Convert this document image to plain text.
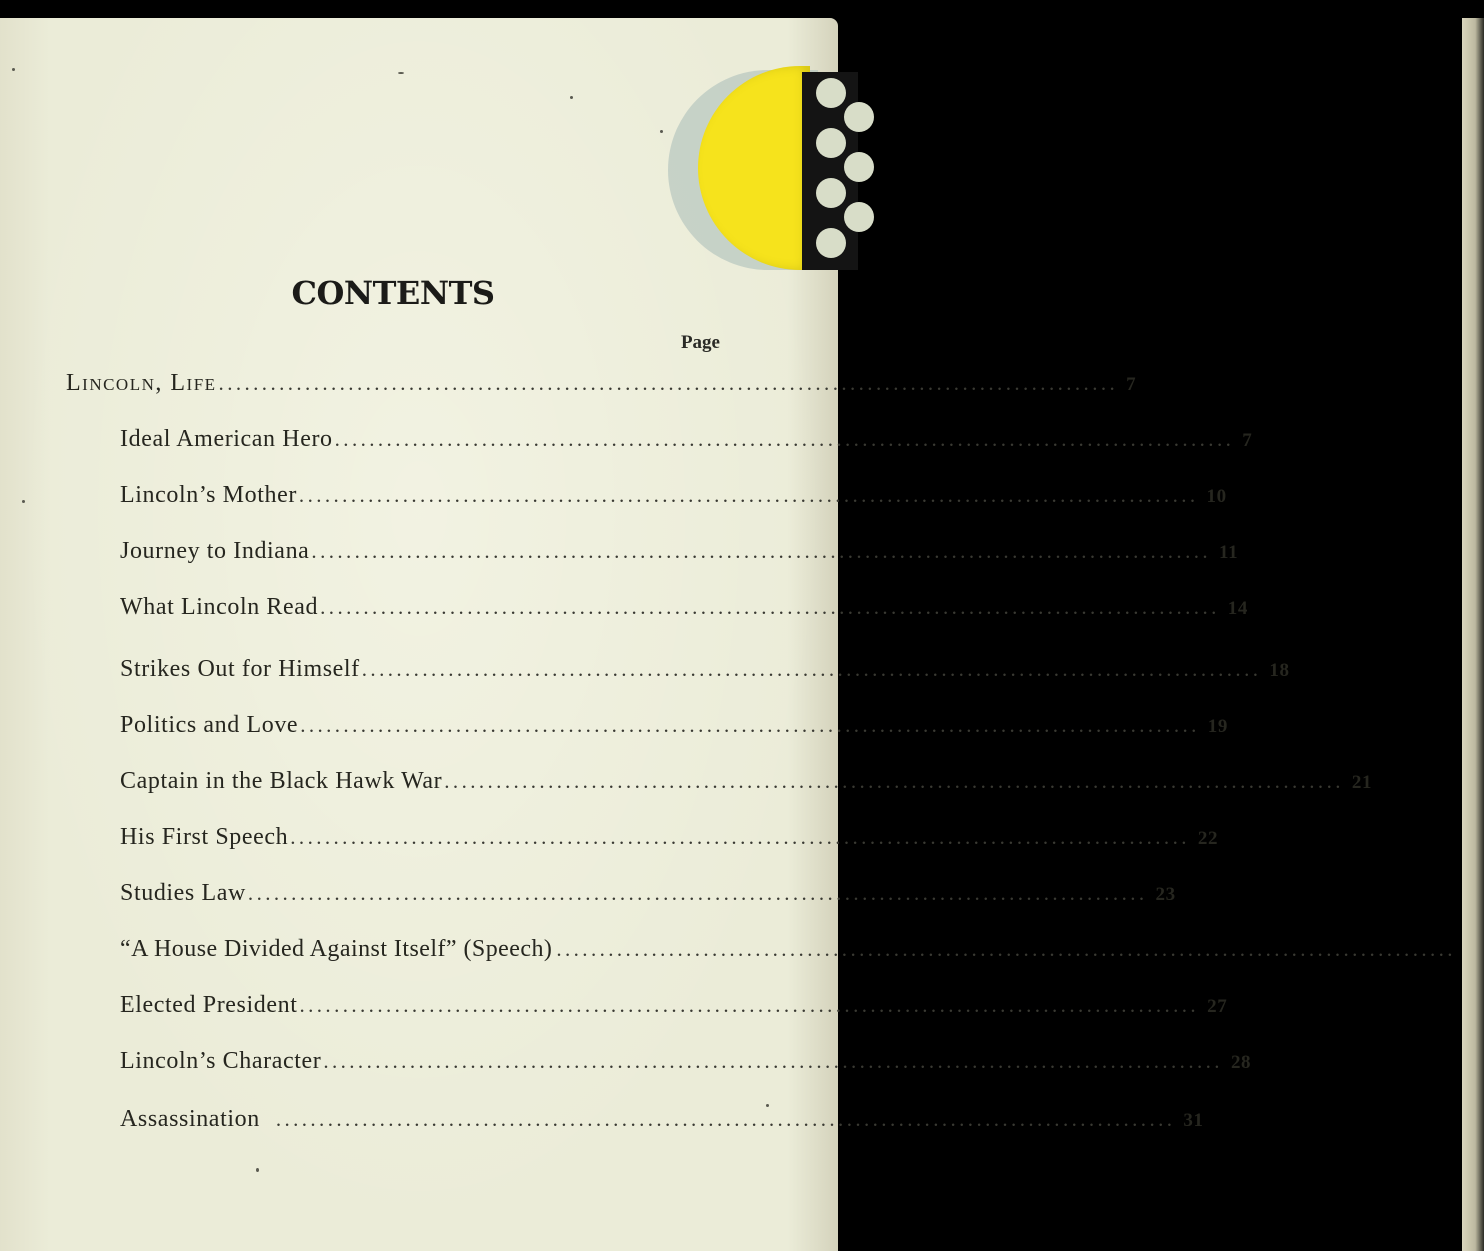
CONTENTS
Page
Lincoln, Life ........................................................................................................ 7
Ideal American Hero ........................................................................................................ 7
Lincoln’s Mother ........................................................................................................ 10
Journey to Indiana ........................................................................................................ 11
What Lincoln Read ........................................................................................................ 14
Strikes Out for Himself ........................................................................................................ 18
Politics and Love ........................................................................................................ 19
Captain in the Black Hawk War ........................................................................................................ 21
His First Speech ........................................................................................................ 22
Studies Law ........................................................................................................ 23
“A House Divided Against Itself” (Speech) ........................................................................................................
Elected President ........................................................................................................ 27
Lincoln’s Character ........................................................................................................ 28
Assassination ........................................................................................................ 31
